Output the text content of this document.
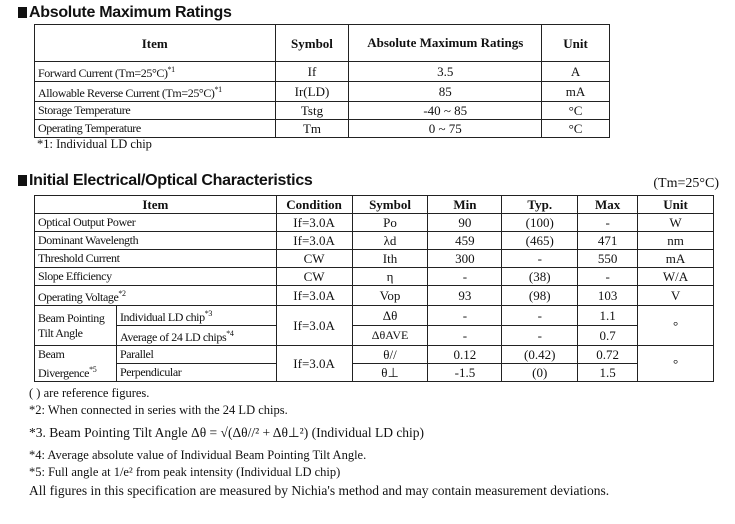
Absolute Maximum Ratings
Item	Symbol	Absolute Maximum Ratings	Unit
Forward Current (Tm=25°C)$^{*1}$	If	3.5	A
Allowable Reverse Current (Tm=25°C)$^{*1}$	Ir(LD)	85	mA
Storage Temperature	Tstg	-40 ~ 85	°C
Operating Temperature	Tm	0 ~ 75	°C
*1: Individual LD chip
Initial Electrical/Optical Characteristics	(Tm=25°C)
Item		Condition	Symbol	Min	Typ.	Max	Unit
Optical Output Power		If=3.0A	Po	90	(100)	-	W
Dominant Wavelength		If=3.0A	λd	459	(465)	471	nm
Threshold Current		CW	Ith	300	-	550	mA
Slope Efficiency		CW	η	-	(38)	-	W/A
Operating Voltage$^{*2}$		If=3.0A	Vop	93	(98)	103	V
Beam Pointing
Tilt Angle	Individual LD chip$^{*3}$	If=3.0A	Δθ	-	-	1.1	°
	Average of 24 LD chips$^{*4}$		ΔθAVE	-	-	0.7	
Beam
Divergence$^{*5}$	Parallel	If=3.0A	θ//	0.12	(0.42)	0.72	°
	Perpendicular		θ⊥	-1.5	(0)	1.5	
( ) are reference figures.
*2: When connected in series with the 24 LD chips.
*3. Beam Pointing Tilt Angle Δθ = √(Δθ//² + Δθ⊥²) (Individual LD chip)
*4: Average absolute value of Individual Beam Pointing Tilt Angle.
*5: Full angle at 1/e² from peak intensity (Individual LD chip)
All figures in this specification are measured by Nichia's method and may contain measurement deviations.
